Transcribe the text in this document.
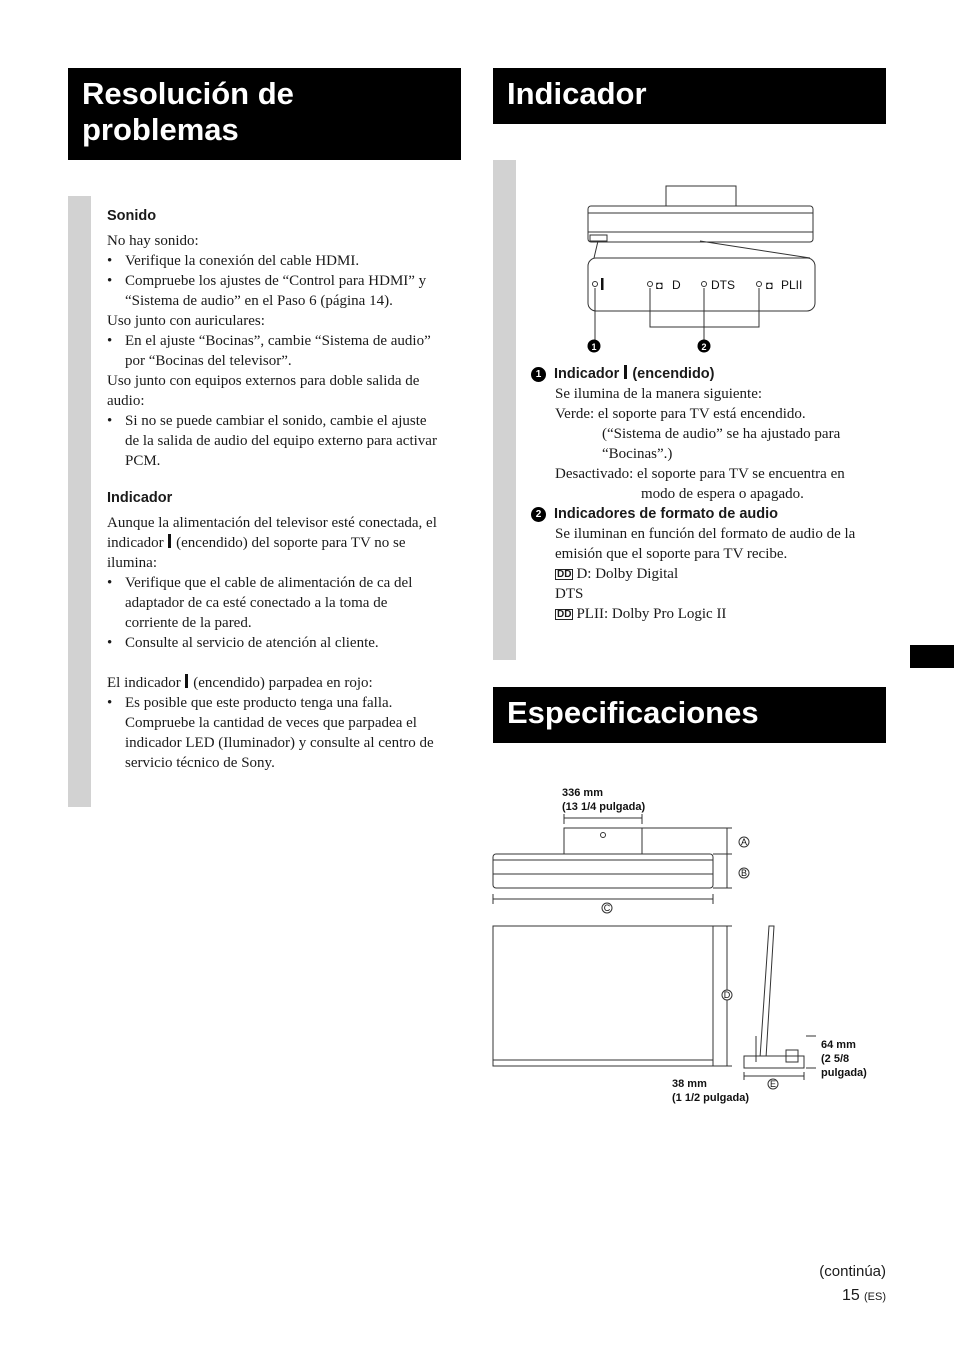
Resolución de
problemas
Indicador
Especificaciones
Sonido
No hay sonido:
• Verifique la conexión del cable HDMI.
• Compruebe los ajustes de “Control para HDMI” y
“Sistema de audio” en el Paso 6 (página 14).
Uso junto con auriculares:
• En el ajuste “Bocinas”, cambie “Sistema de audio”
por “Bocinas del televisor”.
Uso junto con equipos externos para doble salida de
audio:
• Si no se puede cambiar el sonido, cambie el ajuste
de la salida de audio del equipo externo para activar
PCM.
Indicador
Aunque la alimentación del televisor esté conectada, el
indicador (encendido) del soporte para TV no se
ilumina:
• Verifique que el cable de alimentación de ca del
adaptador de ca esté conectado a la toma de
corriente de la pared.
• Consulte al servicio de atención al cliente.
El indicador (encendido) parpadea en rojo:
• Es posible que este producto tenga una falla.
Compruebe la cantidad de veces que parpadea el
indicador LED (Iluminador) y consulte al centro de
servicio técnico de Sony.
◘ D	DTS	◘ PLII
1	2
1 Indicador (encendido)
Se ilumina de la manera siguiente:
Verde: el soporte para TV está encendido.
(“Sistema de audio” se ha ajustado para
“Bocinas”.)
Desactivado: el soporte para TV se encuentra en
modo de espera o apagado.
2 Indicadores de formato de audio
Se iluminan en función del formato de audio de la
emisión que el soporte para TV recibe.
DD D: Dolby Digital
DTS
DD PLII: Dolby Pro Logic II
336 mm
(13 1/4 pulgada)
A
B
C
D
E
38 mm
(1 1/2 pulgada)
64 mm
(2 5/8
pulgada)
(continúa)
15 (ES)
